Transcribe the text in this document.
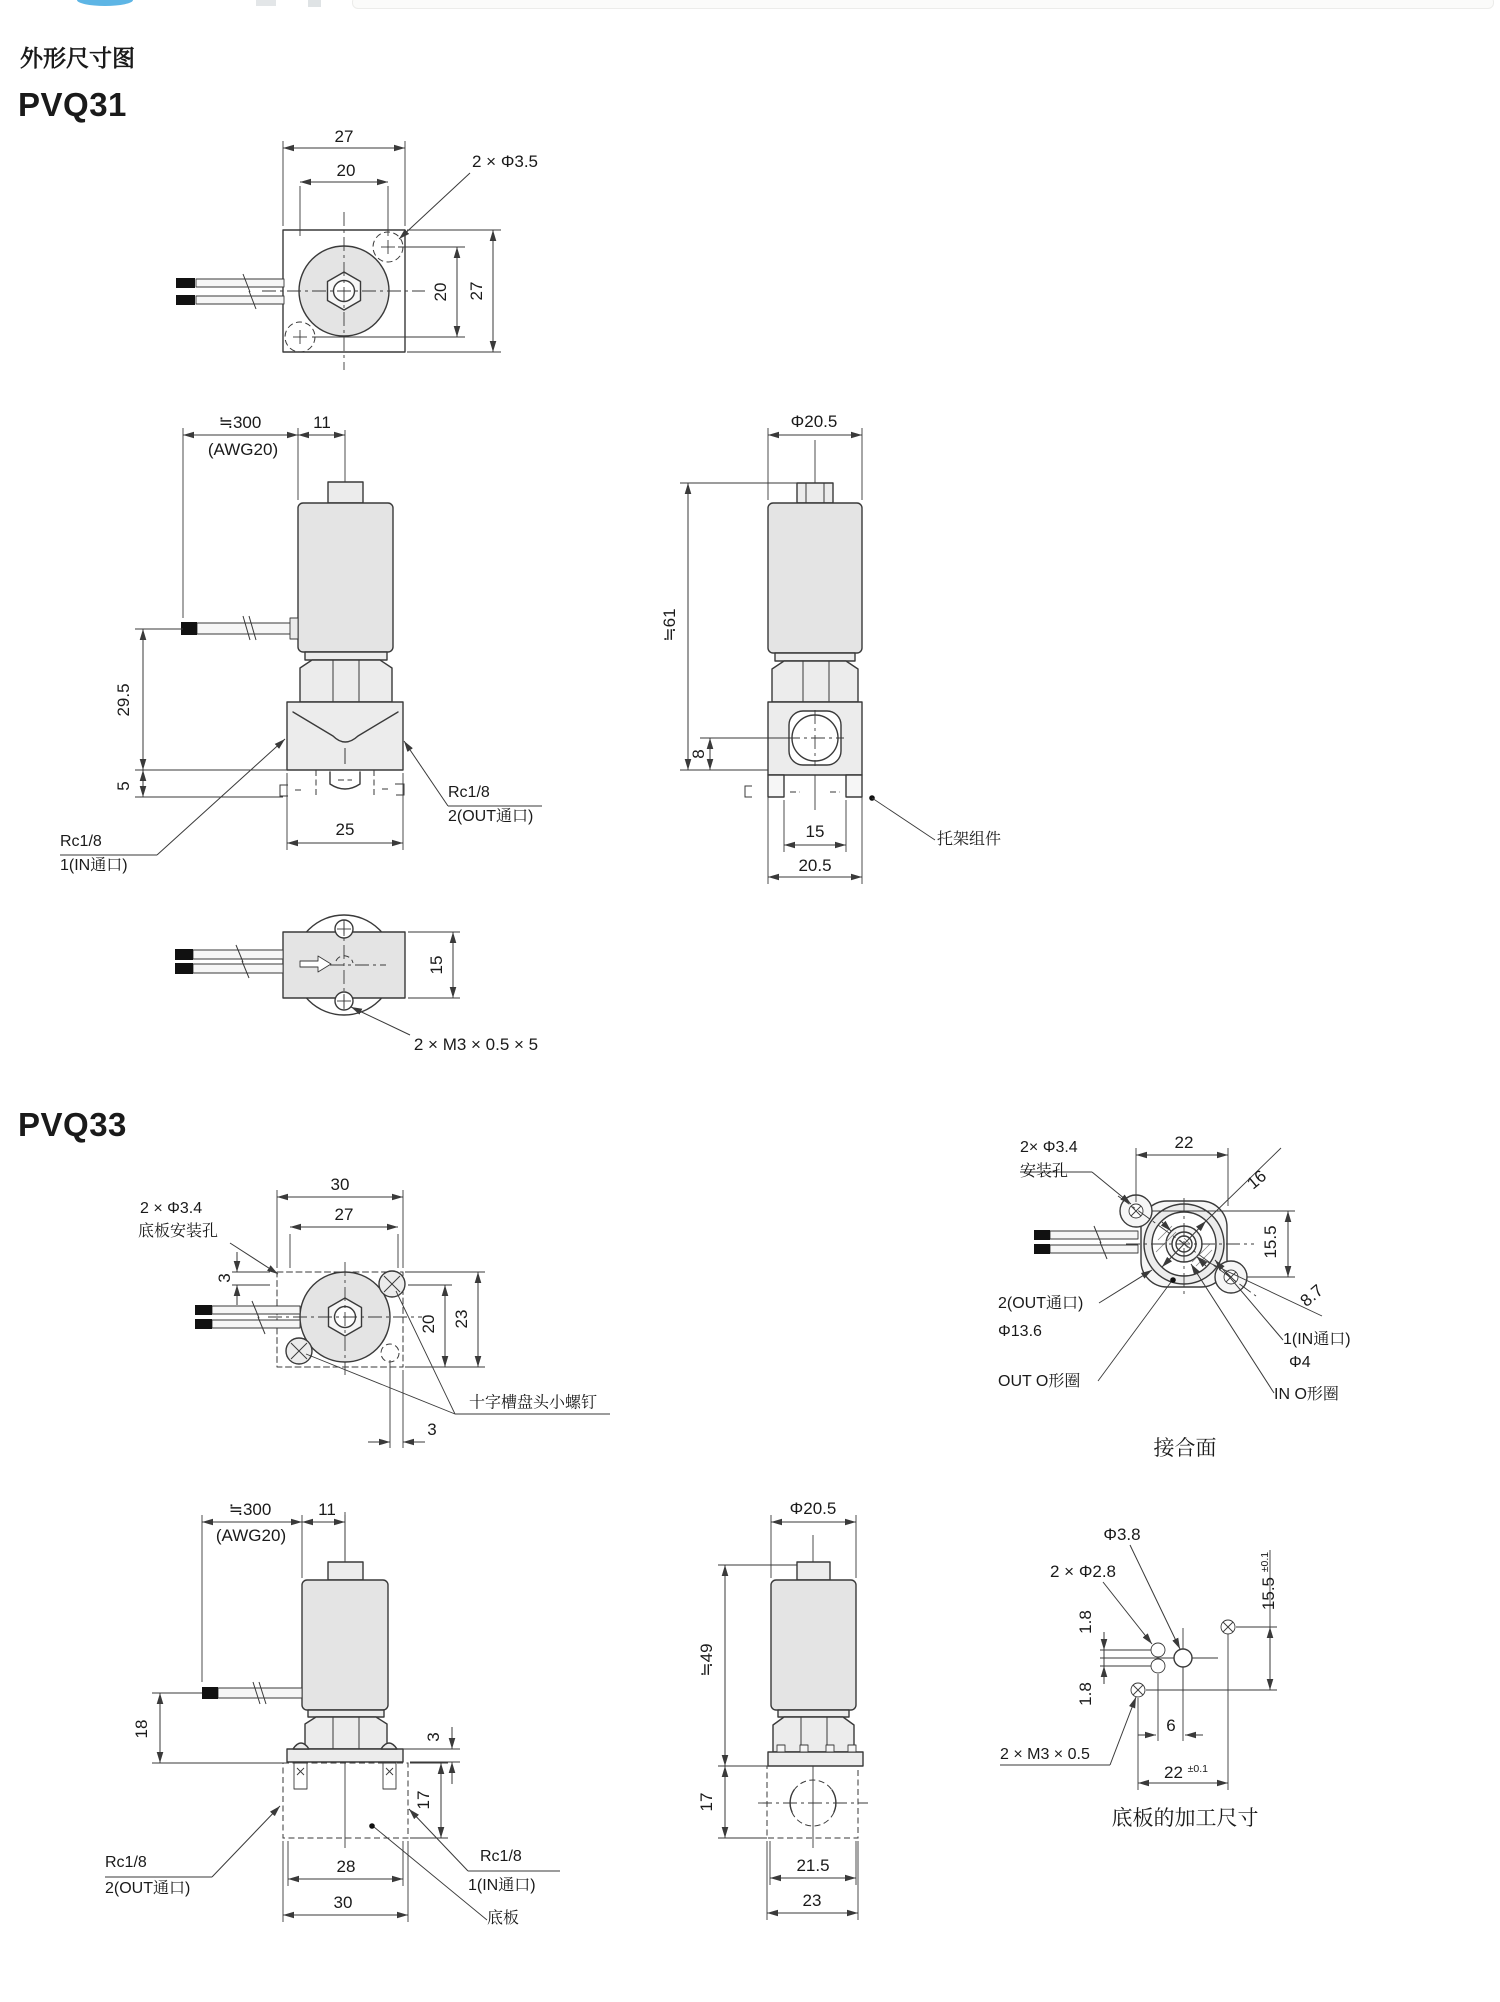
外形尺寸图
PVQ31
PVQ33
27
20	2 × Φ3.5
20 27
≒300
(AWG20)
11
29.5
5
25
Rc1/8
1(IN通口)
Rc1/8
2(OUT通口)
Φ20.5
≒61
8
15
20.5
托架组件
15
2 × M3 × 0.5 × 5
30
27
2 × Φ3.4
底板安装孔
3
20 23
十字槽盘头小螺钉
3
2× Φ3.4
安装孔
22
16
15.5
8.7
2(OUT通口)
Φ13.6
OUT O形圈
1(IN通口)
Φ4
IN O形圈
接合面
≒300
(AWG20)
11
18	3
17
Rc1/8
2(OUT通口)
28
30
Rc1/8
1(IN通口)
底板
Φ20.5
≒49
17
21.5
23
Φ3.8
2 × Φ2.8
1.8
1.8
15.5 $^{\pm 0.1}$
6
2 × M3 × 0.5
22 $^{\pm 0.1}$
底板的加工尺寸
